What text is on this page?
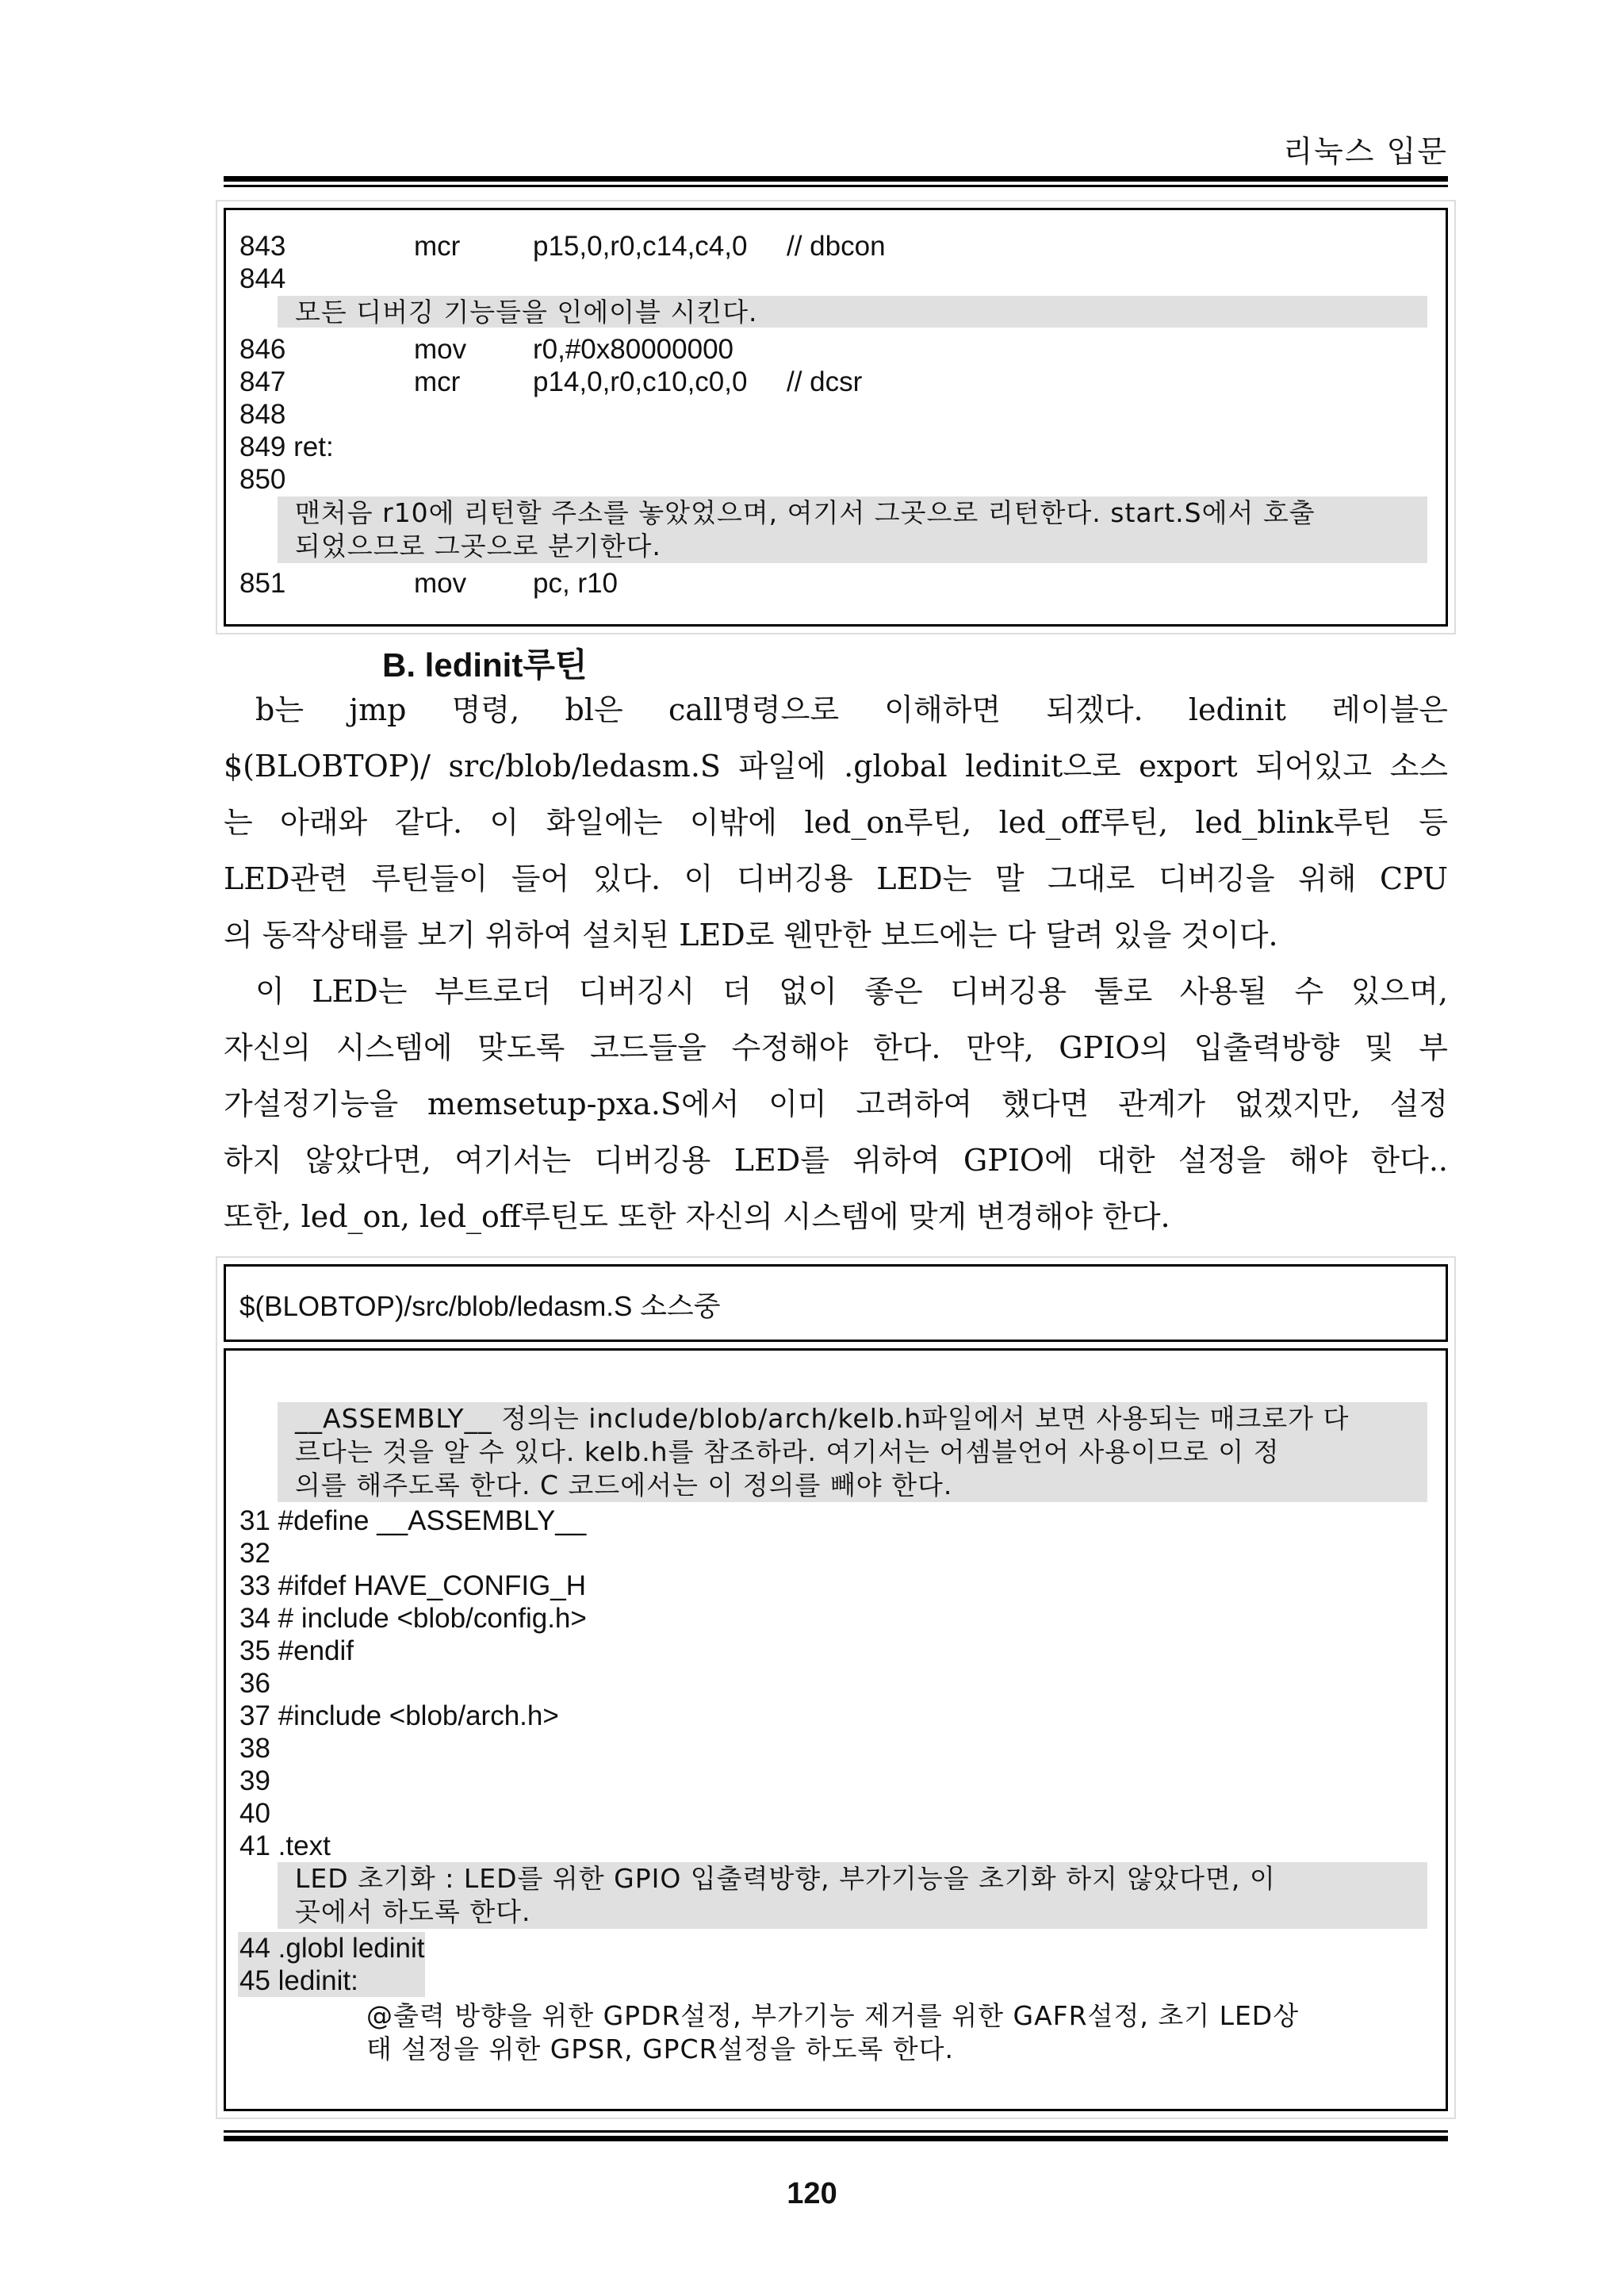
리눅스 입문
843	mcr	p15,0,r0,c14,c4,0 // dbcon
844
모든 디버깅 기능들을 인에이블 시킨다.
846	mov r0,#0x80000000
847	mcr	p14,0,r0,c10,c0,0 // dcsr
848
849 ret:
850
맨처음 r10에 리턴할 주소를 놓았었으며, 여기서 그곳으로 리턴한다. start.S에서 호출
되었으므로 그곳으로 분기한다.
851	mov pc, r10
B. ledinit루틴
b는 jmp 명령, bl은 call명령으로 이해하면 되겠다. ledinit 레이블은
$(BLOBTOP)/ src/blob/ledasm.S 파일에 .global ledinit으로 export 되어있고 소스
는 아래와 같다. 이 화일에는 이밖에 led_on루틴, led_off루틴, led_blink루틴 등
LED관련 루틴들이 들어 있다. 이 디버깅용 LED는 말 그대로 디버깅을 위해 CPU
의 동작상태를 보기 위하여 설치된 LED로 웬만한 보드에는 다 달려 있을 것이다.
이 LED는 부트로더 디버깅시 더 없이 좋은 디버깅용 툴로 사용될 수 있으며,
자신의 시스템에 맞도록 코드들을 수정해야 한다. 만약, GPIO의 입출력방향 및 부
가설정기능을 memsetup-pxa.S에서 이미 고려하여 했다면 관계가 없겠지만, 설정
하지 않았다면, 여기서는 디버깅용 LED를 위하여 GPIO에 대한 설정을 해야 한다..
또한, led_on, led_off루틴도 또한 자신의 시스템에 맞게 변경해야 한다.
$(BLOBTOP)/src/blob/ledasm.S 소스중
__ASSEMBLY__ 정의는 include/blob/arch/kelb.h파일에서 보면 사용되는 매크로가 다
르다는 것을 알 수 있다. kelb.h를 참조하라. 여기서는 어셈블언어 사용이므로 이 정
의를 해주도록 한다. C 코드에서는 이 정의를 빼야 한다.
31 #define __ASSEMBLY__
32
33 #ifdef HAVE_CONFIG_H
34 # include <blob/config.h>
35 #endif
36
37 #include <blob/arch.h>
38
39
40
41 .text
LED 초기화 : LED를 위한 GPIO 입출력방향, 부가기능을 초기화 하지 않았다면, 이
곳에서 하도록 한다.
44 .globl ledinit
45 ledinit:
@출력 방향을 위한 GPDR설정, 부가기능 제거를 위한 GAFR설정, 초기 LED상
태 설정을 위한 GPSR, GPCR설정을 하도록 한다.
120
